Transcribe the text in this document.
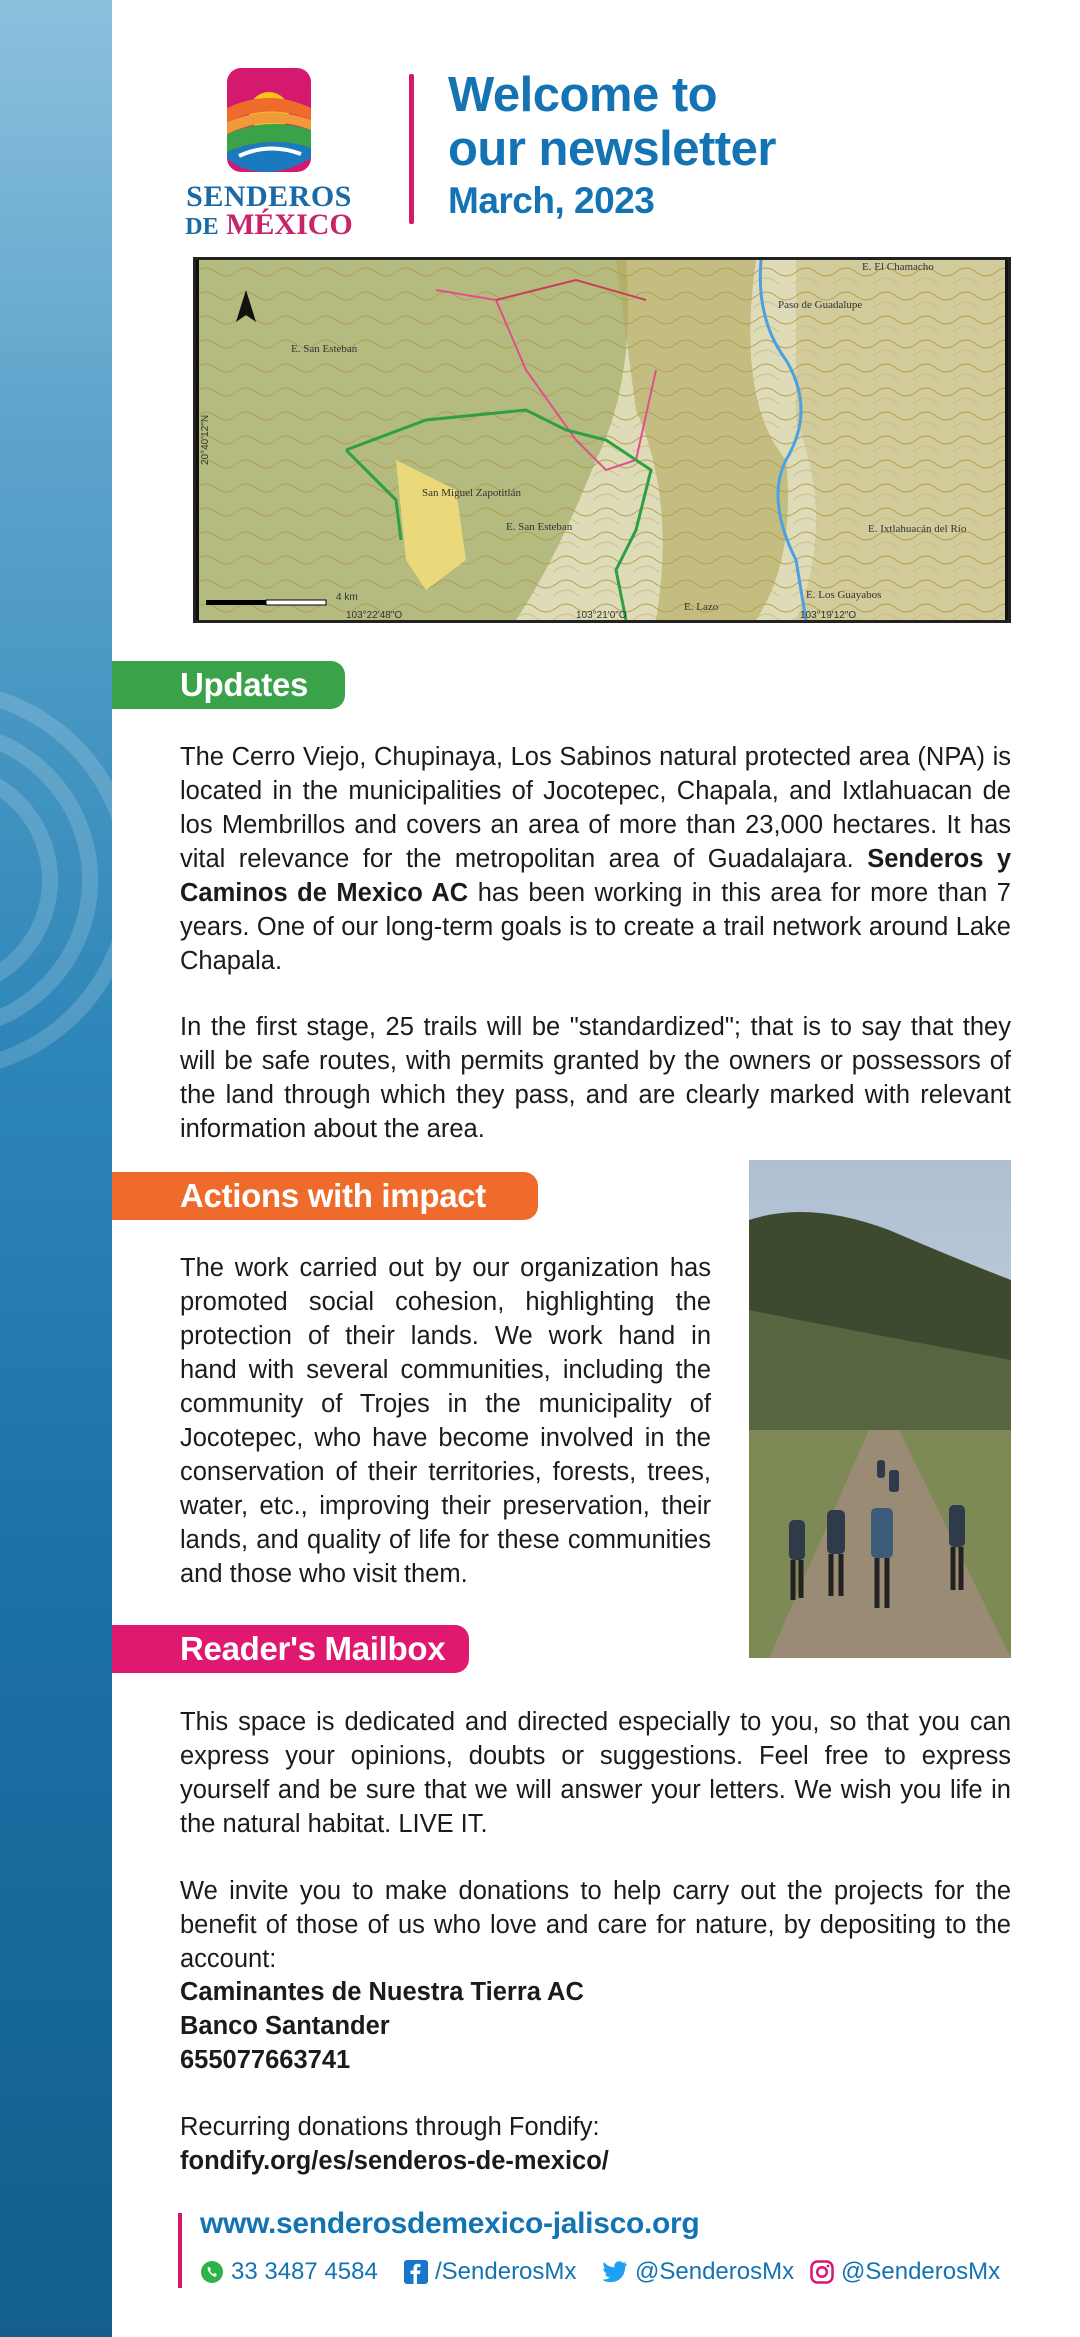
SENDEROS
DE MÉXICO
Welcome to
our newsletter
March, 2023
E. San Esteban
San Miguel Zapotitlán
E. San Esteban
Paso de Guadalupe
E. Ixtlahuacán del Río
E. Lazo
E. Los Guayabos
E. El Chamacho
103°22'48"O	103°21'0"O	103°19'12"O
4 km
20°40'12"N
Updates
The Cerro Viejo, Chupinaya, Los Sabinos natural protected area (NPA) is located in the municipalities of Jocotepec, Chapala, and Ixtlahuacan de los Membrillos and covers an area of more than 23,000 hectares. It has vital relevance for the metropolitan area of Guadalajara. Senderos y Caminos de Mexico AC has been working in this area for more than 7 years. One of our long-term goals is to create a trail network around Lake Chapala.
In the first stage, 25 trails will be "standardized"; that is to say that they will be safe routes, with permits granted by the owners or possessors of the land through which they pass, and are clearly marked with relevant information about the area.
Actions with impact
The work carried out by our organization has promoted social cohesion, highlighting the protection of their lands. We work hand in hand with several communities, including the community of Trojes in the municipality of Jocotepec, who have become involved in the conservation of their territories, forests, trees, water, etc., improving their preservation, their lands, and quality of life for these communities and those who visit them.
Reader's Mailbox
This space is dedicated and directed especially to you, so that you can express your opinions, doubts or suggestions. Feel free to express yourself and be sure that we will answer your letters. We wish you life in the natural habitat. LIVE IT.
We invite you to make donations to help carry out the projects for the benefit of those of us who love and care for nature, by depositing to the account:
Caminantes de Nuestra Tierra AC
Banco Santander
655077663741
Recurring donations through Fondify:
fondify.org/es/senderos-de-mexico/
www.senderosdemexico-jalisco.org
33 3487 4584 /SenderosMx @SenderosMx @SenderosMx
